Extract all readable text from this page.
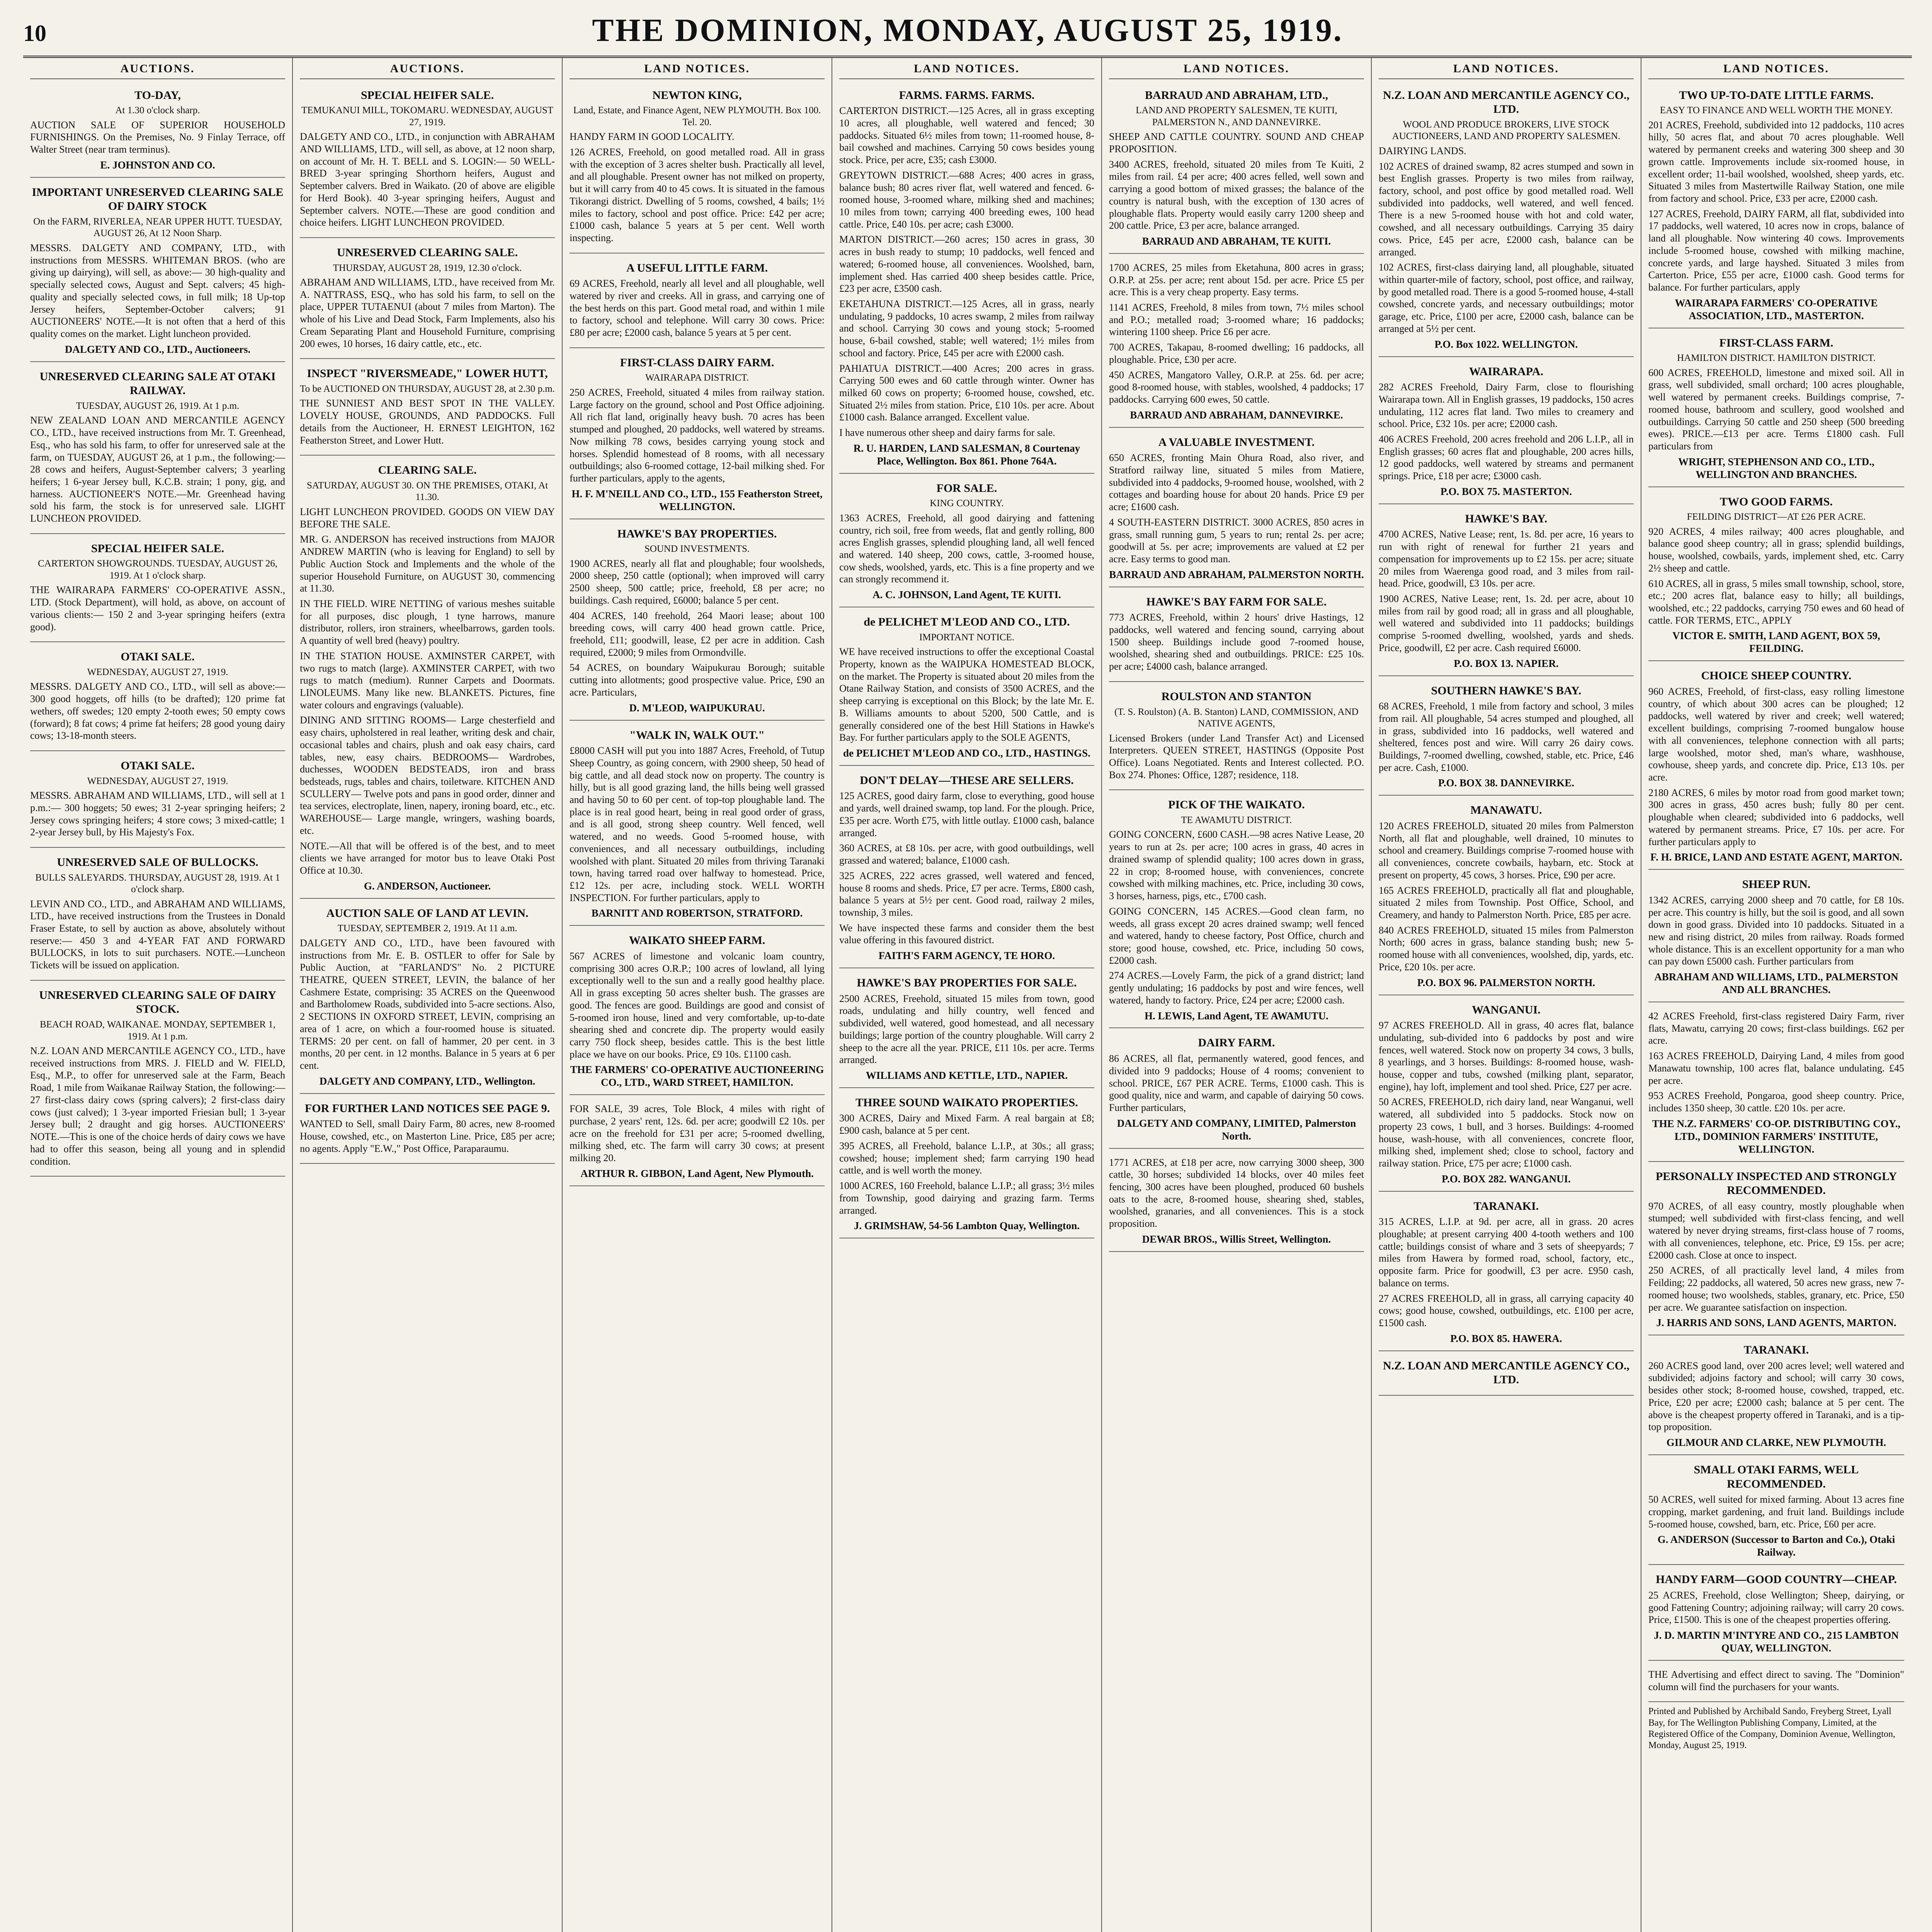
10	THE DOMINION, MONDAY, AUGUST 25, 1919.
AUCTIONS.
TO-DAY,
At 1.30 o'clock sharp.

AUCTION SALE OF SUPERIOR HOUSEHOLD FURNISHINGS. On the Premises, No. 9 Finlay Terrace, off Walter Street (near tram terminus).

E. JOHNSTON AND CO.
IMPORTANT UNRESERVED CLEARING SALE OF DAIRY STOCK
On the FARM, RIVERLEA, NEAR UPPER HUTT. TUESDAY, AUGUST 26, At 12 Noon Sharp.

MESSRS. DALGETY AND COMPANY, LTD., with instructions from MESSRS. WHITEMAN BROS. (who are giving up dairying), will sell, as above:— 30 high-quality and specially selected cows, August and Sept. calvers; 45 high-quality and specially selected cows, in full milk; 18 Up-top Jersey heifers, September-October calvers; 91 AUCTIONEERS' NOTE.—It is not often that a herd of this quality comes on the market. Light luncheon provided.

DALGETY AND CO., LTD., Auctioneers.
UNRESERVED CLEARING SALE AT OTAKI RAILWAY.
TUESDAY, AUGUST 26, 1919. At 1 p.m.

NEW ZEALAND LOAN AND MERCANTILE AGENCY CO., LTD., have received instructions from Mr. T. Greenhead, Esq., who has sold his farm, to offer for unreserved sale at the farm, on TUESDAY, AUGUST 26, at 1 p.m., the following:— 28 cows and heifers, August-September calvers; 3 yearling heifers; 1 6-year Jersey bull, K.C.B. strain; 1 pony, gig, and harness. AUCTIONEER'S NOTE.—Mr. Greenhead having sold his farm, the stock is for unreserved sale. LIGHT LUNCHEON PROVIDED.

SPECIAL HEIFER SALE.
CARTERTON SHOWGROUNDS. TUESDAY, AUGUST 26, 1919. At 1 o'clock sharp.

THE WAIRARAPA FARMERS' CO-OPERATIVE ASSN., LTD. (Stock Department), will hold, as above, on account of various clients:— 150 2 and 3-year springing heifers (extra good).

OTAKI SALE.
WEDNESDAY, AUGUST 27, 1919.

MESSRS. DALGETY AND CO., LTD., will sell as above:— 300 good hoggets, off hills (to be drafted); 120 prime fat wethers, off swedes; 120 empty 2-tooth ewes; 50 empty cows (forward); 8 fat cows; 4 prime fat heifers; 28 good young dairy cows; 13-18-month steers.

OTAKI SALE.
WEDNESDAY, AUGUST 27, 1919.

MESSRS. ABRAHAM AND WILLIAMS, LTD., will sell at 1 p.m.:— 300 hoggets; 50 ewes; 31 2-year springing heifers; 2 Jersey cows springing heifers; 4 store cows; 3 mixed-cattle; 1 2-year Jersey bull, by His Majesty's Fox.

UNRESERVED SALE OF BULLOCKS.
BULLS SALEYARDS. THURSDAY, AUGUST 28, 1919. At 1 o'clock sharp.

LEVIN AND CO., LTD., and ABRAHAM AND WILLIAMS, LTD., have received instructions from the Trustees in Donald Fraser Estate, to sell by auction as above, absolutely without reserve:— 450 3 and 4-YEAR FAT AND FORWARD BULLOCKS, in lots to suit purchasers. NOTE.—Luncheon Tickets will be issued on application.

UNRESERVED CLEARING SALE OF DAIRY STOCK.
BEACH ROAD, WAIKANAE. MONDAY, SEPTEMBER 1, 1919. At 1 p.m.

N.Z. LOAN AND MERCANTILE AGENCY CO., LTD., have received instructions from MRS. J. FIELD and W. FIELD, Esq., M.P., to offer for unreserved sale at the Farm, Beach Road, 1 mile from Waikanae Railway Station, the following:— 27 first-class dairy cows (spring calvers); 2 first-class dairy cows (just calved); 1 3-year imported Friesian bull; 1 3-year Jersey bull; 2 draught and gig horses. AUCTIONEERS' NOTE.—This is one of the choice herds of dairy cows we have had to offer this season, being all young and in splendid condition.

AUCTIONS.
SPECIAL HEIFER SALE.
TEMUKANUI MILL, TOKOMARU. WEDNESDAY, AUGUST 27, 1919.

DALGETY AND CO., LTD., in conjunction with ABRAHAM AND WILLIAMS, LTD., will sell, as above, at 12 noon sharp, on account of Mr. H. T. BELL and S. LOGIN:— 50 WELL-BRED 3-year springing Shorthorn heifers, August and September calvers. Bred in Waikato. (20 of above are eligible for Herd Book). 40 3-year springing heifers, August and September calvers. NOTE.—These are good condition and choice heifers. LIGHT LUNCHEON PROVIDED.

UNRESERVED CLEARING SALE.
THURSDAY, AUGUST 28, 1919, 12.30 o'clock.

ABRAHAM AND WILLIAMS, LTD., have received from Mr. A. NATTRASS, ESQ., who has sold his farm, to sell on the place, UPPER TUTAENUI (about 7 miles from Marton). The whole of his Live and Dead Stock, Farm Implements, also his Cream Separating Plant and Household Furniture, comprising 200 ewes, 10 horses, 16 dairy cattle, etc., etc.

INSPECT "RIVERSMEADE," LOWER HUTT,
To be AUCTIONED ON THURSDAY, AUGUST 28, at 2.30 p.m.

THE SUNNIEST AND BEST SPOT IN THE VALLEY. LOVELY HOUSE, GROUNDS, AND PADDOCKS. Full details from the Auctioneer, H. ERNEST LEIGHTON, 162 Featherston Street, and Lower Hutt.

CLEARING SALE.
SATURDAY, AUGUST 30. ON THE PREMISES, OTAKI, At 11.30.

LIGHT LUNCHEON PROVIDED. GOODS ON VIEW DAY BEFORE THE SALE.

MR. G. ANDERSON has received instructions from MAJOR ANDREW MARTIN (who is leaving for England) to sell by Public Auction Stock and Implements and the whole of the superior Household Furniture, on AUGUST 30, commencing at 11.30.

IN THE FIELD. WIRE NETTING of various meshes suitable for all purposes, disc plough, 1 tyne harrows, manure distributor, rollers, iron strainers, wheelbarrows, garden tools. A quantity of well bred (heavy) poultry.

IN THE STATION HOUSE. AXMINSTER CARPET, with two rugs to match (large). AXMINSTER CARPET, with two rugs to match (medium). Runner Carpets and Doormats. LINOLEUMS. Many like new. BLANKETS. Pictures, fine water colours and engravings (valuable).

DINING AND SITTING ROOMS— Large chesterfield and easy chairs, upholstered in real leather, writing desk and chair, occasional tables and chairs, plush and oak easy chairs, card tables, new, easy chairs. BEDROOMS— Wardrobes, duchesses, WOODEN BEDSTEADS, iron and brass bedsteads, rugs, tables and chairs, toiletware. KITCHEN AND SCULLERY— Twelve pots and pans in good order, dinner and tea services, electroplate, linen, napery, ironing board, etc., etc. WAREHOUSE— Large mangle, wringers, washing boards, etc.

NOTE.—All that will be offered is of the best, and to meet clients we have arranged for motor bus to leave Otaki Post Office at 10.30.

G. ANDERSON, Auctioneer.
AUCTION SALE OF LAND AT LEVIN.
TUESDAY, SEPTEMBER 2, 1919. At 11 a.m.

DALGETY AND CO., LTD., have been favoured with instructions from Mr. E. B. OSTLER to offer for Sale by Public Auction, at "FARLAND'S" No. 2 PICTURE THEATRE, QUEEN STREET, LEVIN, the balance of her Cashmere Estate, comprising: 35 ACRES on the Queenwood and Bartholomew Roads, subdivided into 5-acre sections. Also, 2 SECTIONS IN OXFORD STREET, LEVIN, comprising an area of 1 acre, on which a four-roomed house is situated. TERMS: 20 per cent. on fall of hammer, 20 per cent. in 3 months, 20 per cent. in 12 months. Balance in 5 years at 6 per cent.

DALGETY AND COMPANY, LTD., Wellington.
FOR FURTHER LAND NOTICES SEE PAGE 9.

WANTED to Sell, small Dairy Farm, 80 acres, new 8-roomed House, cowshed, etc., on Masterton Line. Price, £85 per acre; no agents. Apply "E.W.," Post Office, Paraparaumu.

LAND NOTICES.
NEWTON KING,
Land, Estate, and Finance Agent, NEW PLYMOUTH. Box 100. Tel. 20.

HANDY FARM IN GOOD LOCALITY.

126 ACRES, Freehold, on good metalled road. All in grass with the exception of 3 acres shelter bush. Practically all level, and all ploughable. Present owner has not milked on property, but it will carry from 40 to 45 cows. It is situated in the famous Tikorangi district. Dwelling of 5 rooms, cowshed, 4 bails; 1½ miles to factory, school and post office. Price: £42 per acre; £1000 cash, balance 5 years at 5 per cent. Well worth inspecting.

A USEFUL LITTLE FARM.

69 ACRES, Freehold, nearly all level and all ploughable, well watered by river and creeks. All in grass, and carrying one of the best herds on this part. Good metal road, and within 1 mile to factory, school and telephone. Will carry 30 cows. Price: £80 per acre; £2000 cash, balance 5 years at 5 per cent.

FIRST-CLASS DAIRY FARM.
WAIRARAPA DISTRICT.

250 ACRES, Freehold, situated 4 miles from railway station. Large factory on the ground, school and Post Office adjoining. All rich flat land, originally heavy bush. 70 acres has been stumped and ploughed, 20 paddocks, well watered by streams. Now milking 78 cows, besides carrying young stock and horses. Splendid homestead of 8 rooms, with all necessary outbuildings; also 6-roomed cottage, 12-bail milking shed. For further particulars, apply to the agents,

H. F. M'NEILL AND CO., LTD., 155 Featherston Street, WELLINGTON.
HAWKE'S BAY PROPERTIES.
SOUND INVESTMENTS.

1900 ACRES, nearly all flat and ploughable; four woolsheds, 2000 sheep, 250 cattle (optional); when improved will carry 2500 sheep, 500 cattle; price, freehold, £8 per acre; no buildings. Cash required, £6000; balance 5 per cent.

404 ACRES, 140 freehold, 264 Maori lease; about 100 breeding cows, will carry 400 head grown cattle. Price, freehold, £11; goodwill, lease, £2 per acre in addition. Cash required, £2000; 9 miles from Ormondville.

54 ACRES, on boundary Waipukurau Borough; suitable cutting into allotments; good prospective value. Price, £90 an acre. Particulars,

D. M'LEOD, WAIPUKURAU.
"WALK IN, WALK OUT."

£8000 CASH will put you into 1887 Acres, Freehold, of Tutup Sheep Country, as going concern, with 2900 sheep, 50 head of big cattle, and all dead stock now on property. The country is hilly, but is all good grazing land, the hills being well grassed and having 50 to 60 per cent. of top-top ploughable land. The place is in real good heart, being in real good order of grass, and is all good, strong sheep country. Well fenced, well watered, and no weeds. Good 5-roomed house, with conveniences, and all necessary outbuildings, including woolshed with plant. Situated 20 miles from thriving Taranaki town, having tarred road over halfway to homestead. Price, £12 12s. per acre, including stock. WELL WORTH INSPECTION. For further particulars, apply to

BARNITT AND ROBERTSON, STRATFORD.
WAIKATO SHEEP FARM.

567 ACRES of limestone and volcanic loam country, comprising 300 acres O.R.P.; 100 acres of lowland, all lying exceptionally well to the sun and a really good healthy place. All in grass excepting 50 acres shelter bush. The grasses are good. The fences are good. Buildings are good and consist of 5-roomed iron house, lined and very comfortable, up-to-date shearing shed and concrete dip. The property would easily carry 750 flock sheep, besides cattle. This is the best little place we have on our books. Price, £9 10s. £1100 cash.

THE FARMERS' CO-OPERATIVE AUCTIONEERING CO., LTD., WARD STREET, HAMILTON.

FOR SALE, 39 acres, Tole Block, 4 miles with right of purchase, 2 years' rent, 12s. 6d. per acre; goodwill £2 10s. per acre on the freehold for £31 per acre; 5-roomed dwelling, milking shed, etc. The farm will carry 30 cows; at present milking 20.

ARTHUR R. GIBBON, Land Agent, New Plymouth.
LAND NOTICES.
FARMS. FARMS. FARMS.

CARTERTON DISTRICT.—125 Acres, all in grass excepting 10 acres, all ploughable, well watered and fenced; 30 paddocks. Situated 6½ miles from town; 11-roomed house, 8-bail cowshed and machines. Carrying 50 cows besides young stock. Price, per acre, £35; cash £3000.

GREYTOWN DISTRICT.—688 Acres; 400 acres in grass, balance bush; 80 acres river flat, well watered and fenced. 6-roomed house, 3-roomed whare, milking shed and machines; 10 miles from town; carrying 400 breeding ewes, 100 head cattle. Price, £40 10s. per acre; cash £3000.

MARTON DISTRICT.—260 acres; 150 acres in grass, 30 acres in bush ready to stump; 10 paddocks, well fenced and watered; 6-roomed house, all conveniences. Woolshed, barn, implement shed. Has carried 400 sheep besides cattle. Price, £23 per acre, £3500 cash.

EKETAHUNA DISTRICT.—125 Acres, all in grass, nearly undulating, 9 paddocks, 10 acres swamp, 2 miles from railway and school. Carrying 30 cows and young stock; 5-roomed house, 6-bail cowshed, stable; well watered; 1½ miles from school and factory. Price, £45 per acre with £2000 cash.

PAHIATUA DISTRICT.—400 Acres; 200 acres in grass. Carrying 500 ewes and 60 cattle through winter. Owner has milked 60 cows on property; 6-roomed house, cowshed, etc. Situated 2½ miles from station. Price, £10 10s. per acre. About £1000 cash. Balance arranged. Excellent value.

I have numerous other sheep and dairy farms for sale.

R. U. HARDEN, LAND SALESMAN, 8 Courtenay Place, Wellington. Box 861. Phone 764A.
FOR SALE.
KING COUNTRY.

1363 ACRES, Freehold, all good dairying and fattening country, rich soil, free from weeds, flat and gently rolling, 800 acres English grasses, splendid ploughing land, all well fenced and watered. 140 sheep, 200 cows, cattle, 3-roomed house, cow sheds, woolshed, yards, etc. This is a fine property and we can strongly recommend it.

A. C. JOHNSON, Land Agent, TE KUITI.
de PELICHET M'LEOD AND CO., LTD.
IMPORTANT NOTICE.

WE have received instructions to offer the exceptional Coastal Property, known as the WAIPUKA HOMESTEAD BLOCK, on the market. The Property is situated about 20 miles from the Otane Railway Station, and consists of 3500 ACRES, and the sheep carrying is exceptional on this Block; by the late Mr. E. B. Williams amounts to about 5200, 500 Cattle, and is generally considered one of the best Hill Stations in Hawke's Bay. For further particulars apply to the SOLE AGENTS,

de PELICHET M'LEOD AND CO., LTD., HASTINGS.
DON'T DELAY—THESE ARE SELLERS.

125 ACRES, good dairy farm, close to everything, good house and yards, well drained swamp, top land. For the plough. Price, £35 per acre. Worth £75, with little outlay. £1000 cash, balance arranged.

360 ACRES, at £8 10s. per acre, with good outbuildings, well grassed and watered; balance, £1000 cash.

325 ACRES, 222 acres grassed, well watered and fenced, house 8 rooms and sheds. Price, £7 per acre. Terms, £800 cash, balance 5 years at 5½ per cent. Good road, railway 2 miles, township, 3 miles.

We have inspected these farms and consider them the best value offering in this favoured district.

FAITH'S FARM AGENCY, TE HORO.
HAWKE'S BAY PROPERTIES FOR SALE.

2500 ACRES, Freehold, situated 15 miles from town, good roads, undulating and hilly country, well fenced and subdivided, well watered, good homestead, and all necessary buildings; large portion of the country ploughable. Will carry 2 sheep to the acre all the year. PRICE, £11 10s. per acre. Terms arranged.

WILLIAMS AND KETTLE, LTD., NAPIER.
THREE SOUND WAIKATO PROPERTIES.

300 ACRES, Dairy and Mixed Farm. A real bargain at £8; £900 cash, balance at 5 per cent.

395 ACRES, all Freehold, balance L.I.P., at 30s.; all grass; cowshed; house; implement shed; farm carrying 190 head cattle, and is well worth the money.

1000 ACRES, 160 Freehold, balance L.I.P.; all grass; 3½ miles from Township, good dairying and grazing farm. Terms arranged.

J. GRIMSHAW, 54-56 Lambton Quay, Wellington.
LAND NOTICES.
BARRAUD AND ABRAHAM, LTD.,
LAND AND PROPERTY SALESMEN, TE KUITI, PALMERSTON N., AND DANNEVIRKE.

SHEEP AND CATTLE COUNTRY. SOUND AND CHEAP PROPOSITION.

3400 ACRES, freehold, situated 20 miles from Te Kuiti, 2 miles from rail. £4 per acre; 400 acres felled, well sown and carrying a good bottom of mixed grasses; the balance of the country is natural bush, with the exception of 130 acres of ploughable flats. Property would easily carry 1200 sheep and 200 cattle. Price, £3 per acre, balance arranged.

BARRAUD AND ABRAHAM, TE KUITI.

1700 ACRES, 25 miles from Eketahuna, 800 acres in grass; O.R.P. at 25s. per acre; rent about 15d. per acre. Price £5 per acre. This is a very cheap property. Easy terms.

1141 ACRES, Freehold, 8 miles from town, 7½ miles school and P.O.; metalled road; 3-roomed whare; 16 paddocks; wintering 1100 sheep. Price £6 per acre.

700 ACRES, Takapau, 8-roomed dwelling; 16 paddocks, all ploughable. Price, £30 per acre.

450 ACRES, Mangatoro Valley, O.R.P. at 25s. 6d. per acre; good 8-roomed house, with stables, woolshed, 4 paddocks; 17 paddocks. Carrying 600 ewes, 50 cattle.

BARRAUD AND ABRAHAM, DANNEVIRKE.
A VALUABLE INVESTMENT.

650 ACRES, fronting Main Ohura Road, also river, and Stratford railway line, situated 5 miles from Matiere, subdivided into 4 paddocks, 9-roomed house, woolshed, with 2 cottages and boarding house for about 20 hands. Price £9 per acre; £1600 cash.

4 SOUTH-EASTERN DISTRICT. 3000 ACRES, 850 acres in grass, small running gum, 5 years to run; rental 2s. per acre; goodwill at 5s. per acre; improvements are valued at £2 per acre. Easy terms to good man.

BARRAUD AND ABRAHAM, PALMERSTON NORTH.
HAWKE'S BAY FARM FOR SALE.

773 ACRES, Freehold, within 2 hours' drive Hastings, 12 paddocks, well watered and fencing sound, carrying about 1500 sheep. Buildings include good 7-roomed house, woolshed, shearing shed and outbuildings. PRICE: £25 10s. per acre; £4000 cash, balance arranged.

ROULSTON AND STANTON
(T. S. Roulston) (A. B. Stanton) LAND, COMMISSION, AND NATIVE AGENTS,

Licensed Brokers (under Land Transfer Act) and Licensed Interpreters. QUEEN STREET, HASTINGS (Opposite Post Office). Loans Negotiated. Rents and Interest collected. P.O. Box 274. Phones: Office, 1287; residence, 118.

PICK OF THE WAIKATO.
TE AWAMUTU DISTRICT.

GOING CONCERN, £600 CASH.—98 acres Native Lease, 20 years to run at 2s. per acre; 100 acres in grass, 40 acres in drained swamp of splendid quality; 100 acres down in grass, 22 in crop; 8-roomed house, with conveniences, concrete cowshed with milking machines, etc. Price, including 30 cows, 3 horses, harness, pigs, etc., £700 cash.

GOING CONCERN, 145 ACRES.—Good clean farm, no weeds, all grass except 20 acres drained swamp; well fenced and watered, handy to cheese factory, Post Office, church and store; good house, cowshed, etc. Price, including 50 cows, £2000 cash.

274 ACRES.—Lovely Farm, the pick of a grand district; land gently undulating; 16 paddocks by post and wire fences, well watered, handy to factory. Price, £24 per acre; £2000 cash.

H. LEWIS, Land Agent, TE AWAMUTU.
DAIRY FARM.

86 ACRES, all flat, permanently watered, good fences, and divided into 9 paddocks; House of 4 rooms; convenient to school. PRICE, £67 PER ACRE. Terms, £1000 cash. This is good quality, nice and warm, and capable of dairying 50 cows. Further particulars,

DALGETY AND COMPANY, LIMITED, Palmerston North.

1771 ACRES, at £18 per acre, now carrying 3000 sheep, 300 cattle, 30 horses; subdivided 14 blocks, over 40 miles feet fencing, 300 acres have been ploughed, produced 60 bushels oats to the acre, 8-roomed house, shearing shed, stables, woolshed, granaries, and all conveniences. This is a stock proposition.

DEWAR BROS., Willis Street, Wellington.
LAND NOTICES.
N.Z. LOAN AND MERCANTILE AGENCY CO., LTD.
WOOL AND PRODUCE BROKERS, LIVE STOCK AUCTIONEERS, LAND AND PROPERTY SALESMEN.

DAIRYING LANDS.

102 ACRES of drained swamp, 82 acres stumped and sown in best English grasses. Property is two miles from railway, factory, school, and post office by good metalled road. Well subdivided into paddocks, well watered, and well fenced. There is a new 5-roomed house with hot and cold water, cowshed, and all necessary outbuildings. Carrying 35 dairy cows. Price, £45 per acre, £2000 cash, balance can be arranged.

102 ACRES, first-class dairying land, all ploughable, situated within quarter-mile of factory, school, post office, and railway, by good metalled road. There is a good 5-roomed house, 4-stall cowshed, concrete yards, and necessary outbuildings; motor garage, etc. Price, £100 per acre, £2000 cash, balance can be arranged at 5½ per cent.

P.O. Box 1022. WELLINGTON.
WAIRARAPA.

282 ACRES Freehold, Dairy Farm, close to flourishing Wairarapa town. All in English grasses, 19 paddocks, 150 acres undulating, 112 acres flat land. Two miles to creamery and school. Price, £32 10s. per acre; £2000 cash.

406 ACRES Freehold, 200 acres freehold and 206 L.I.P., all in English grasses; 60 acres flat and ploughable, 200 acres hills, 12 good paddocks, well watered by streams and permanent springs. Price, £18 per acre; £3000 cash.

P.O. BOX 75. MASTERTON.
HAWKE'S BAY.

4700 ACRES, Native Lease; rent, 1s. 8d. per acre, 16 years to run with right of renewal for further 21 years and compensation for improvements up to £2 15s. per acre; situate 20 miles from Waerenga good road, and 3 miles from rail-head. Price, goodwill, £3 10s. per acre.

1900 ACRES, Native Lease; rent, 1s. 2d. per acre, about 10 miles from rail by good road; all in grass and all ploughable, well watered and subdivided into 11 paddocks; buildings comprise 5-roomed dwelling, woolshed, yards and sheds. Price, goodwill, £2 per acre. Cash required £6000.

P.O. BOX 13. NAPIER.
SOUTHERN HAWKE'S BAY.

68 ACRES, Freehold, 1 mile from factory and school, 3 miles from rail. All ploughable, 54 acres stumped and ploughed, all in grass, subdivided into 16 paddocks, well watered and sheltered, fences post and wire. Will carry 26 dairy cows. Buildings, 7-roomed dwelling, cowshed, stable, etc. Price, £46 per acre. Cash, £1000.

P.O. BOX 38. DANNEVIRKE.
MANAWATU.

120 ACRES FREEHOLD, situated 20 miles from Palmerston North, all flat and ploughable, well drained, 10 minutes to school and creamery. Buildings comprise 7-roomed house with all conveniences, concrete cowbails, haybarn, etc. Stock at present on property, 45 cows, 3 horses. Price, £90 per acre.

165 ACRES FREEHOLD, practically all flat and ploughable, situated 2 miles from Township. Post Office, School, and Creamery, and handy to Palmerston North. Price, £85 per acre.

840 ACRES FREEHOLD, situated 15 miles from Palmerston North; 600 acres in grass, balance standing bush; new 5-roomed house with all conveniences, woolshed, dip, yards, etc. Price, £20 10s. per acre.

P.O. BOX 96. PALMERSTON NORTH.
WANGANUI.

97 ACRES FREEHOLD. All in grass, 40 acres flat, balance undulating, sub-divided into 6 paddocks by post and wire fences, well watered. Stock now on property 34 cows, 3 bulls, 8 yearlings, and 3 horses. Buildings: 8-roomed house, wash-house, copper and tubs, cowshed (milking plant, separator, engine), hay loft, implement and tool shed. Price, £27 per acre.

50 ACRES, FREEHOLD, rich dairy land, near Wanganui, well watered, all subdivided into 5 paddocks. Stock now on property 23 cows, 1 bull, and 3 horses. Buildings: 4-roomed house, wash-house, with all conveniences, concrete floor, milking shed, implement shed; close to school, factory and railway station. Price, £75 per acre; £1000 cash.

P.O. BOX 282. WANGANUI.
TARANAKI.

315 ACRES, L.I.P. at 9d. per acre, all in grass. 20 acres ploughable; at present carrying 400 4-tooth wethers and 100 cattle; buildings consist of whare and 3 sets of sheepyards; 7 miles from Hawera by formed road, school, factory, etc., opposite farm. Price for goodwill, £3 per acre. £950 cash, balance on terms.

27 ACRES FREEHOLD, all in grass, all carrying capacity 40 cows; good house, cowshed, outbuildings, etc. £100 per acre, £1500 cash.

P.O. BOX 85. HAWERA.
N.Z. LOAN AND MERCANTILE AGENCY CO., LTD.
LAND NOTICES.
TWO UP-TO-DATE LITTLE FARMS.
EASY TO FINANCE AND WELL WORTH THE MONEY.

201 ACRES, Freehold, subdivided into 12 paddocks, 110 acres hilly, 50 acres flat, and about 70 acres ploughable. Well watered by permanent creeks and watering 300 sheep and 30 grown cattle. Improvements include six-roomed house, in excellent order; 11-bail woolshed, woolshed, sheep yards, etc. Situated 3 miles from Mastertwille Railway Station, one mile from factory and school. Price, £33 per acre, £2000 cash.

127 ACRES, Freehold, DAIRY FARM, all flat, subdivided into 17 paddocks, well watered, 10 acres now in crops, balance of land all ploughable. Now wintering 40 cows. Improvements include 5-roomed house, cowshed with milking machine, concrete yards, and large hayshed. Situated 3 miles from Carterton. Price, £55 per acre, £1000 cash. Good terms for balance. For further particulars, apply

WAIRARAPA FARMERS' CO-OPERATIVE ASSOCIATION, LTD., MASTERTON.
FIRST-CLASS FARM.
HAMILTON DISTRICT. HAMILTON DISTRICT.

600 ACRES, FREEHOLD, limestone and mixed soil. All in grass, well subdivided, small orchard; 100 acres ploughable, well watered by permanent creeks. Buildings comprise, 7-roomed house, bathroom and scullery, good woolshed and outbuildings. Carrying 50 cattle and 250 sheep (500 breeding ewes). PRICE.—£13 per acre. Terms £1800 cash. Full particulars from

WRIGHT, STEPHENSON AND CO., LTD., WELLINGTON AND BRANCHES.
TWO GOOD FARMS.
FEILDING DISTRICT—AT £26 PER ACRE.

920 ACRES, 4 miles railway; 400 acres ploughable, and balance good sheep country; all in grass; splendid buildings, house, woolshed, cowbails, yards, implement shed, etc. Carry 2½ sheep and cattle.

610 ACRES, all in grass, 5 miles small township, school, store, etc.; 200 acres flat, balance easy to hilly; all buildings, woolshed, etc.; 22 paddocks, carrying 750 ewes and 60 head of cattle. FOR TERMS, ETC., APPLY

VICTOR E. SMITH, LAND AGENT, BOX 59, FEILDING.
CHOICE SHEEP COUNTRY.

960 ACRES, Freehold, of first-class, easy rolling limestone country, of which about 300 acres can be ploughed; 12 paddocks, well watered by river and creek; well watered; excellent buildings, comprising 7-roomed bungalow house with all conveniences, telephone connection with all parts; large woolshed, motor shed, man's whare, washhouse, cowhouse, sheep yards, and concrete dip. Price, £13 10s. per acre.

2180 ACRES, 6 miles by motor road from good market town; 300 acres in grass, 450 acres bush; fully 80 per cent. ploughable when cleared; subdivided into 6 paddocks, well watered by permanent streams. Price, £7 10s. per acre. For further particulars apply to

F. H. BRICE, LAND AND ESTATE AGENT, MARTON.
SHEEP RUN.

1342 ACRES, carrying 2000 sheep and 70 cattle, for £8 10s. per acre. This country is hilly, but the soil is good, and all sown down in good grass. Divided into 10 paddocks. Situated in a new and rising district, 20 miles from railway. Roads formed whole distance. This is an excellent opportunity for a man who can pay down £5000 cash. Further particulars from

ABRAHAM AND WILLIAMS, LTD., PALMERSTON AND ALL BRANCHES.

42 ACRES Freehold, first-class registered Dairy Farm, river flats, Mawatu, carrying 20 cows; first-class buildings. £62 per acre.

163 ACRES FREEHOLD, Dairying Land, 4 miles from good Manawatu township, 100 acres flat, balance undulating. £45 per acre.

953 ACRES Freehold, Pongaroa, good sheep country. Price, includes 1350 sheep, 30 cattle. £20 10s. per acre.

THE N.Z. FARMERS' CO-OP. DISTRIBUTING COY., LTD., DOMINION FARMERS' INSTITUTE, WELLINGTON.
PERSONALLY INSPECTED AND STRONGLY RECOMMENDED.

970 ACRES, of all easy country, mostly ploughable when stumped; well subdivided with first-class fencing, and well watered by never drying streams, first-class house of 7 rooms, with all conveniences, telephone, etc. Price, £9 15s. per acre; £2000 cash. Close at once to inspect.

250 ACRES, of all practically level land, 4 miles from Feilding; 22 paddocks, all watered, 50 acres new grass, new 7-roomed house; two woolsheds, stables, granary, etc. Price, £50 per acre. We guarantee satisfaction on inspection.

J. HARRIS AND SONS, LAND AGENTS, MARTON.
TARANAKI.

260 ACRES good land, over 200 acres level; well watered and subdivided; adjoins factory and school; will carry 30 cows, besides other stock; 8-roomed house, cowshed, trapped, etc. Price, £20 per acre; £2000 cash; balance at 5 per cent. The above is the cheapest property offered in Taranaki, and is a tip-top proposition.

GILMOUR AND CLARKE, NEW PLYMOUTH.
SMALL OTAKI FARMS, WELL RECOMMENDED.

50 ACRES, well suited for mixed farming. About 13 acres fine cropping, market gardening, and fruit land. Buildings include 5-roomed house, cowshed, barn, etc. Price, £60 per acre.

G. ANDERSON (Successor to Barton and Co.), Otaki Railway.
HANDY FARM—GOOD COUNTRY—CHEAP.

25 ACRES, Freehold, close Wellington; Sheep, dairying, or good Fattening Country; adjoining railway; will carry 20 cows. Price, £1500. This is one of the cheapest properties offering.

J. D. MARTIN M'INTYRE AND CO., 215 LAMBTON QUAY, WELLINGTON.

THE Advertising and effect direct to saving. The "Dominion" column will find the purchasers for your wants.

Printed and Published by Archibald Sando, Freyberg Street, Lyall Bay, for The Wellington Publishing Company, Limited, at the Registered Office of the Company, Dominion Avenue, Wellington, Monday, August 25, 1919.
